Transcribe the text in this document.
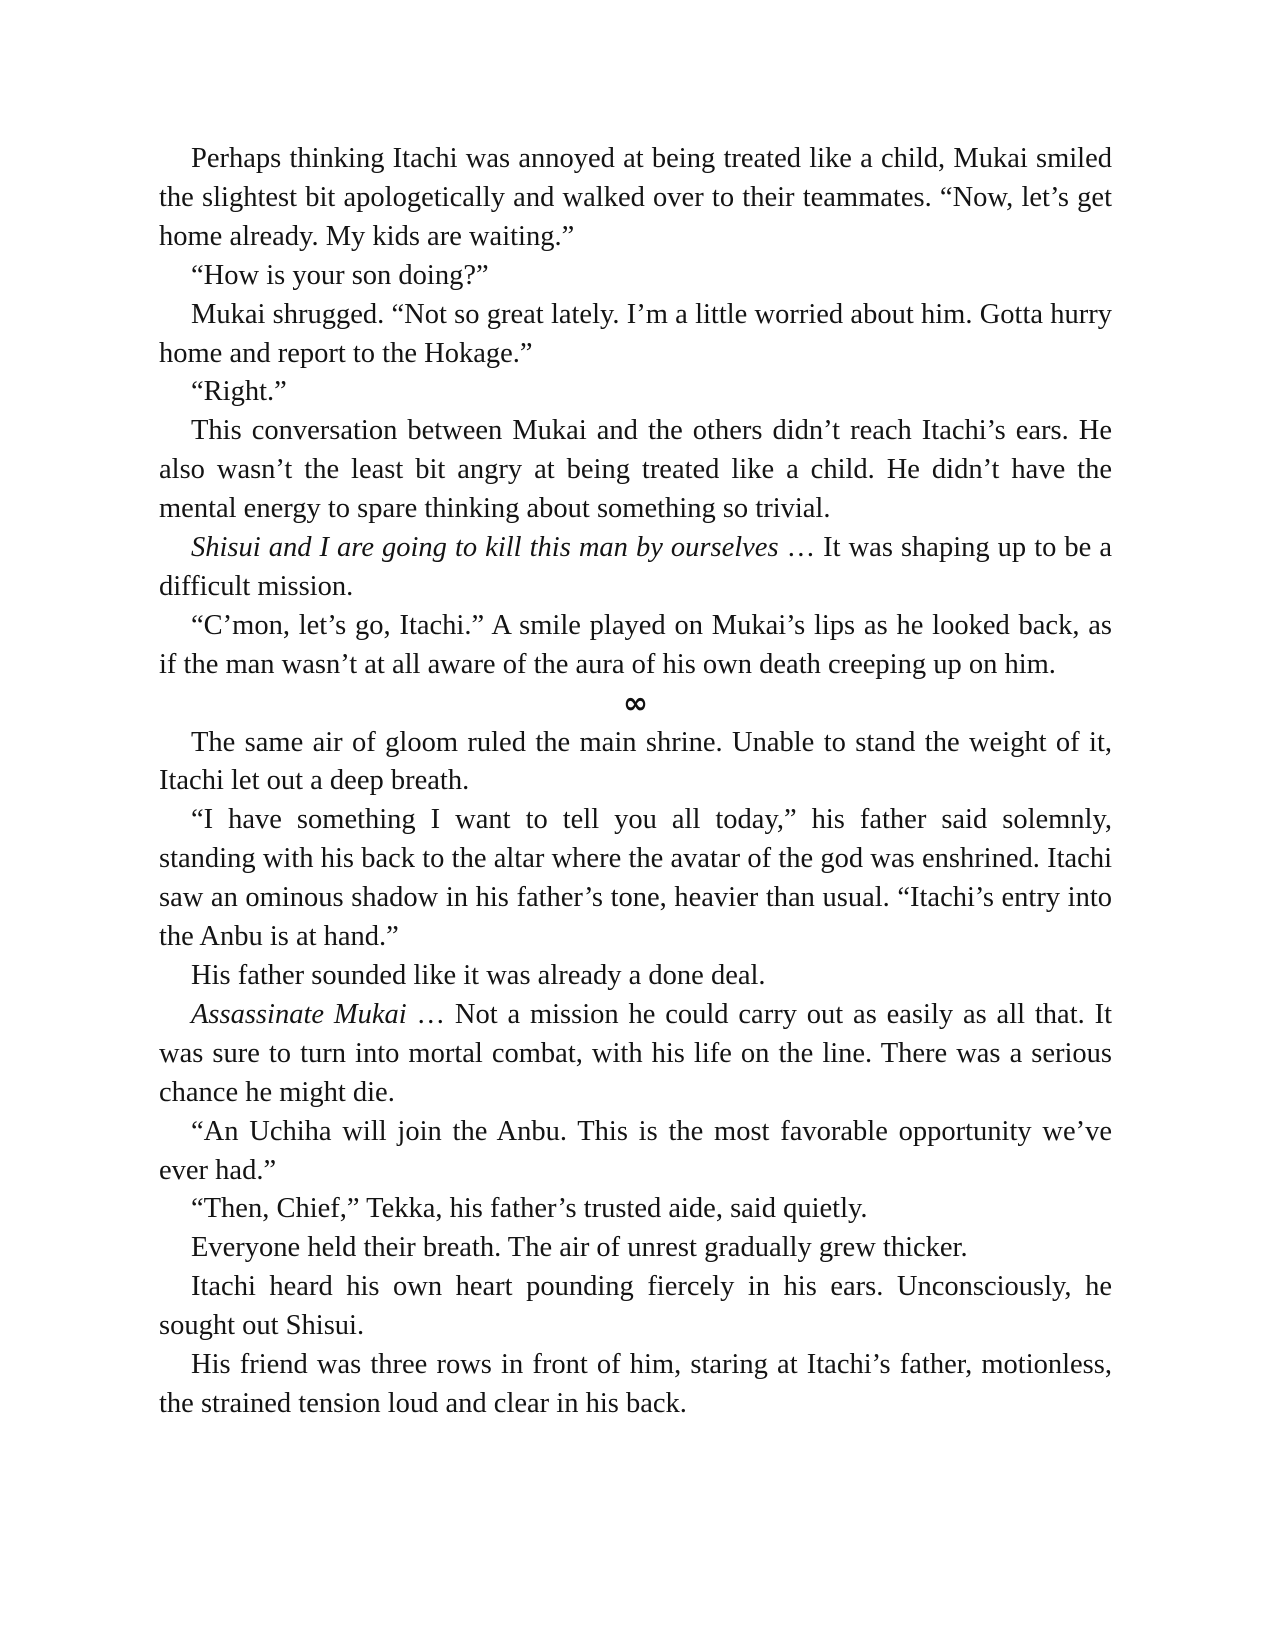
Perhaps thinking Itachi was annoyed at being treated like a child, Mukai smiled the slightest bit apologetically and walked over to their teammates. “Now, let’s get home already. My kids are waiting.”

“How is your son doing?”

Mukai shrugged. “Not so great lately. I’m a little worried about him. Gotta hurry home and report to the Hokage.”

“Right.”

This conversation between Mukai and the others didn’t reach Itachi’s ears. He also wasn’t the least bit angry at being treated like a child. He didn’t have the mental energy to spare thinking about something so trivial.

Shisui and I are going to kill this man by ourselves … It was shaping up to be a difficult mission.

“C’mon, let’s go, Itachi.” A smile played on Mukai’s lips as he looked back, as if the man wasn’t at all aware of the aura of his own death creeping up on him.

∞

The same air of gloom ruled the main shrine. Unable to stand the weight of it, Itachi let out a deep breath.

“I have something I want to tell you all today,” his father said solemnly, standing with his back to the altar where the avatar of the god was enshrined. Itachi saw an ominous shadow in his father’s tone, heavier than usual. “Itachi’s entry into the Anbu is at hand.”

His father sounded like it was already a done deal.

Assassinate Mukai … Not a mission he could carry out as easily as all that. It was sure to turn into mortal combat, with his life on the line. There was a serious chance he might die.

“An Uchiha will join the Anbu. This is the most favorable opportunity we’ve ever had.”

“Then, Chief,” Tekka, his father’s trusted aide, said quietly.

Everyone held their breath. The air of unrest gradually grew thicker.

Itachi heard his own heart pounding fiercely in his ears. Unconsciously, he sought out Shisui.

His friend was three rows in front of him, staring at Itachi’s father, motionless, the strained tension loud and clear in his back.
